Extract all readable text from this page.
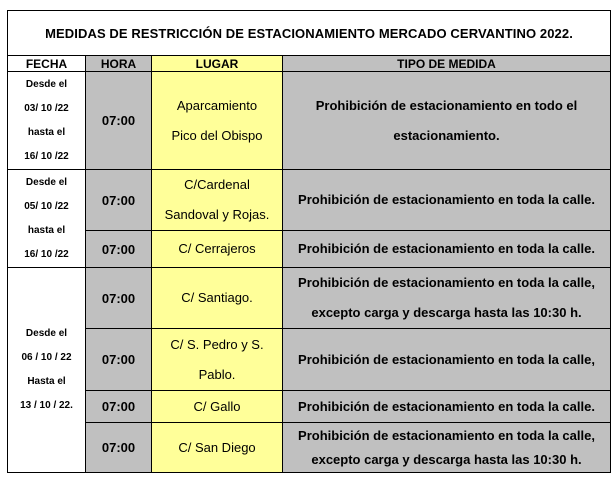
MEDIDAS DE RESTRICCIÓN DE ESTACIONAMIENTO MERCADO CERVANTINO 2022.			
FECHA	HORA	LUGAR	TIPO DE MEDIDA

Desde el
03/ 10 /22
hasta el
16/ 10 /22	07:00	Aparcamiento
Pico del Obispo	Prohibición de estacionamiento en todo el
estacionamiento.

Desde el
05/ 10 /22
hasta el
16/ 10 /22	07:00	C/Cardenal
Sandoval y Rojas.	Prohibición de estacionamiento en toda la calle.

	07:00	C/ Cerrajeros	Prohibición de estacionamiento en toda la calle.

Desde el
06 / 10 / 22
Hasta el
13 / 10 / 22.	07:00	C/ Santiago.	Prohibición de estacionamiento en toda la calle,
excepto carga y descarga hasta las 10:30 h.

	07:00	C/ S. Pedro y S.
Pablo.	Prohibición de estacionamiento en toda la calle,

	07:00	C/ Gallo	Prohibición de estacionamiento en toda la calle.

	07:00	C/ San Diego	Prohibición de estacionamiento en toda la calle,
excepto carga y descarga hasta las 10:30 h.
